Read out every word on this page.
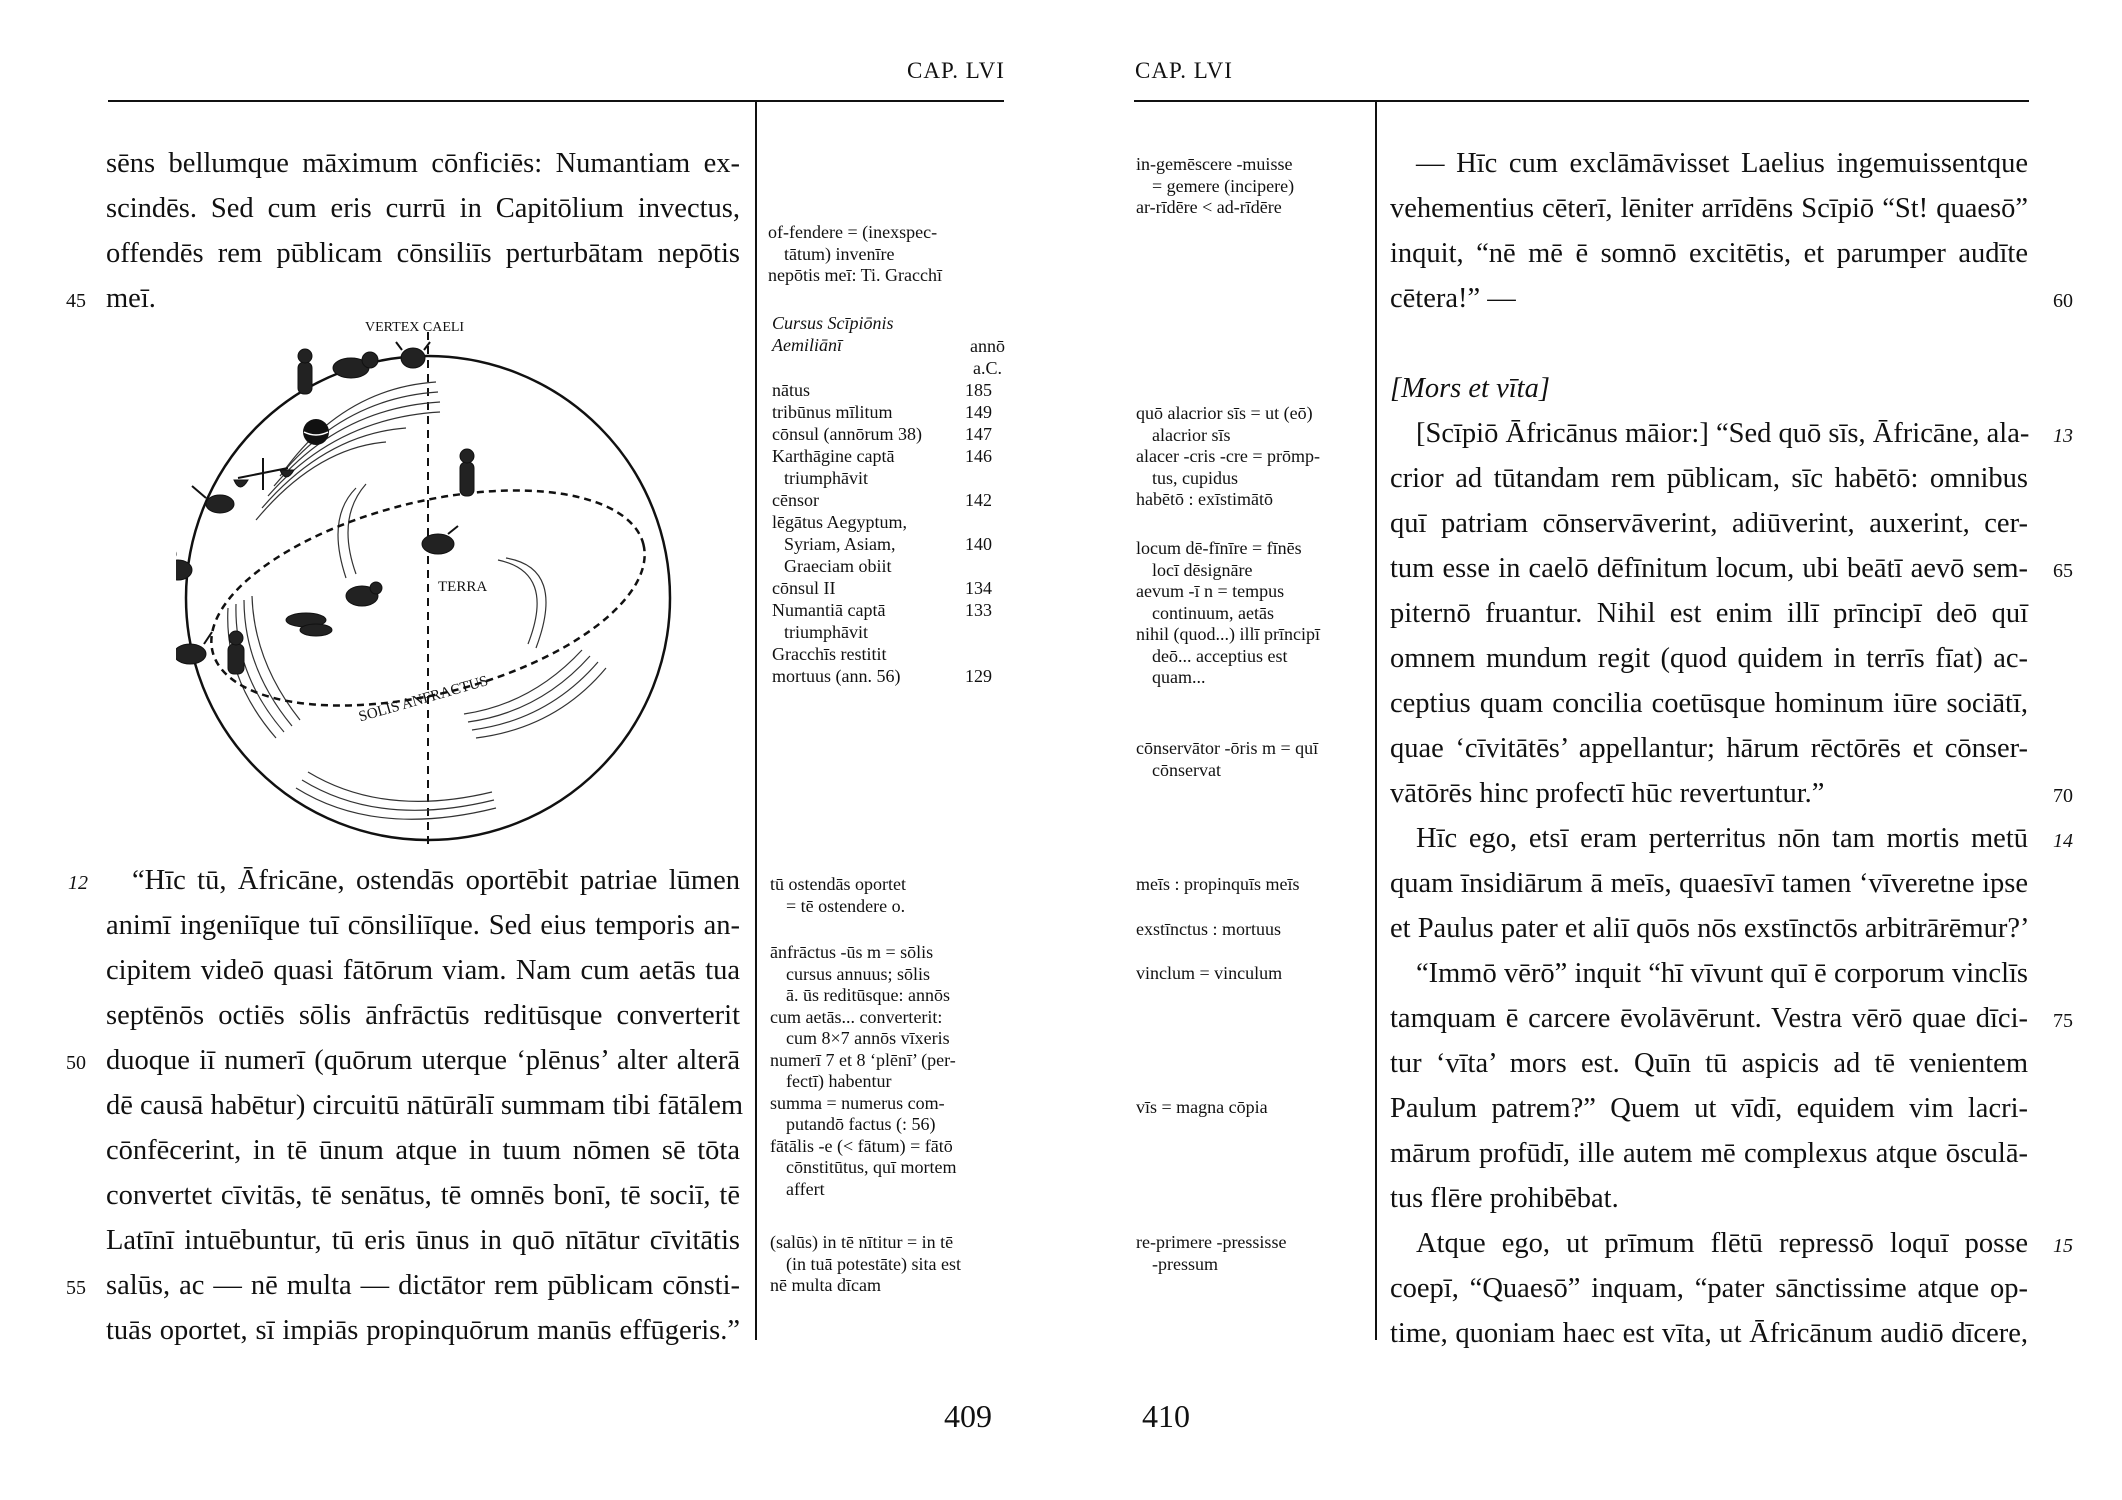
CAP. LVI	CAP. LVI
sēns bellumque māximum cōnficiēs: Numantiam ex-
scindēs. Sed cum eris currū in Capitōlium invectus,
offendēs rem pūblicam cōnsiliīs perturbātam nepōtis
meī.
“Hīc tū, Āfricāne, ostendās oportēbit patriae lūmen
animī ingeniīque tuī cōnsiliīque. Sed eius temporis an-
cipitem videō quasi fātōrum viam. Nam cum aetās tua
septēnōs octiēs sōlis ānfrāctūs reditūsque converterit
duoque iī numerī (quōrum uterque ‘plēnus’ alter alterā
dē causā habētur) circuitū nātūrālī summam tibi fātālem
cōnfēcerint, in tē ūnum atque in tuum nōmen sē tōta
convertet cīvitās, tē senātus, tē omnēs bonī, tē sociī, tē
Latīnī intuēbuntur, tū eris ūnus in quō nītātur cīvitātis
salūs, ac — nē multa — dictātor rem pūblicam cōnsti-
tuās oportet, sī impiās propinquōrum manūs effūgeris.”
45
12
50
55
VERTEX CAELI
TERRA
SOLIS ANFRACTUS
of-fendere = (inexspec-
tātum) invenīre
nepōtis meī: Ti. Gracchī
Cursus Scīpiōnis
Aemiliānī	annō
a.C.
nātus	185
tribūnus mīlitum	149
cōnsul (annōrum 38) 147
Karthāgine captā	146
triumphāvit
cēnsor	142
lēgātus Aegyptum,
Syriam, Asiam,	140
Graeciam obiit
cōnsul II	134
Numantiā captā	133
triumphāvit
Gracchīs restitit
mortuus (ann. 56)	129
tū ostendās oportet
= tē ostendere o.
ānfrāctus -ūs m = sōlis
cursus annuus; sōlis
ā. ūs reditūsque: annōs
cum aetās... converterit:
cum 8×7 annōs vīxeris
numerī 7 et 8 ‘plēnī’ (per-
fectī) habentur
summa = numerus com-
putandō factus (: 56)
fātālis -e (< fātum) = fātō
cōnstitūtus, quī mortem
affert
(salūs) in tē nītitur = in tē
(in tuā potestāte) sita est
nē multa dīcam
in-gemēscere -muisse
= gemere (incipere)
ar-rīdēre < ad-rīdēre
quō alacrior sīs = ut (eō)
alacrior sīs
alacer -cris -cre = prōmp-
tus, cupidus
habētō : exīstimātō
locum dē-fīnīre = fīnēs
locī dēsignāre
aevum -ī n = tempus
continuum, aetās
nihil (quod...) illī prīncipī
deō... acceptius est
quam...
cōnservātor -ōris m = quī
cōnservat
meīs : propinquīs meīs
exstīnctus : mortuus
vinclum = vinculum
vīs = magna cōpia
re-primere -pressisse
-pressum
— Hīc cum exclāmāvisset Laelius ingemuissentque
vehementius cēterī, lēniter arrīdēns Scīpiō “St! quaesō”
inquit, “nē mē ē somnō excitētis, et parumper audīte
cētera!” —
[Mors et vīta]
[Scīpiō Āfricānus māior:] “Sed quō sīs, Āfricāne, ala-
crior ad tūtandam rem pūblicam, sīc habētō: omnibus
quī patriam cōnservāverint, adiūverint, auxerint, cer-
tum esse in caelō dēfīnitum locum, ubi beātī aevō sem-
piternō fruantur. Nihil est enim illī prīncipī deō quī
omnem mundum regit (quod quidem in terrīs fīat) ac-
ceptius quam concilia coetūsque hominum iūre sociātī,
quae ‘cīvitātēs’ appellantur; hārum rēctōrēs et cōnser-
vātōrēs hinc profectī hūc revertuntur.”
Hīc ego, etsī eram perterritus nōn tam mortis metū
quam īnsidiārum ā meīs, quaesīvī tamen ‘vīveretne ipse
et Paulus pater et aliī quōs nōs exstīnctōs arbitrārēmur?’
“Immō vērō” inquit “hī vīvunt quī ē corporum vinclīs
tamquam ē carcere ēvolāvērunt. Vestra vērō quae dīci-
tur ‘vīta’ mors est. Quīn tū aspicis ad tē venientem
Paulum patrem?” Quem ut vīdī, equidem vim lacri-
mārum profūdī, ille autem mē complexus atque ōsculā-
tus flēre prohibēbat.
Atque ego, ut prīmum flētū repressō loquī posse
coepī, “Quaesō” inquam, “pater sānctissime atque op-
time, quoniam haec est vīta, ut Āfricānum audiō dīcere,
60
13
65
70
14
75
15
409	410
